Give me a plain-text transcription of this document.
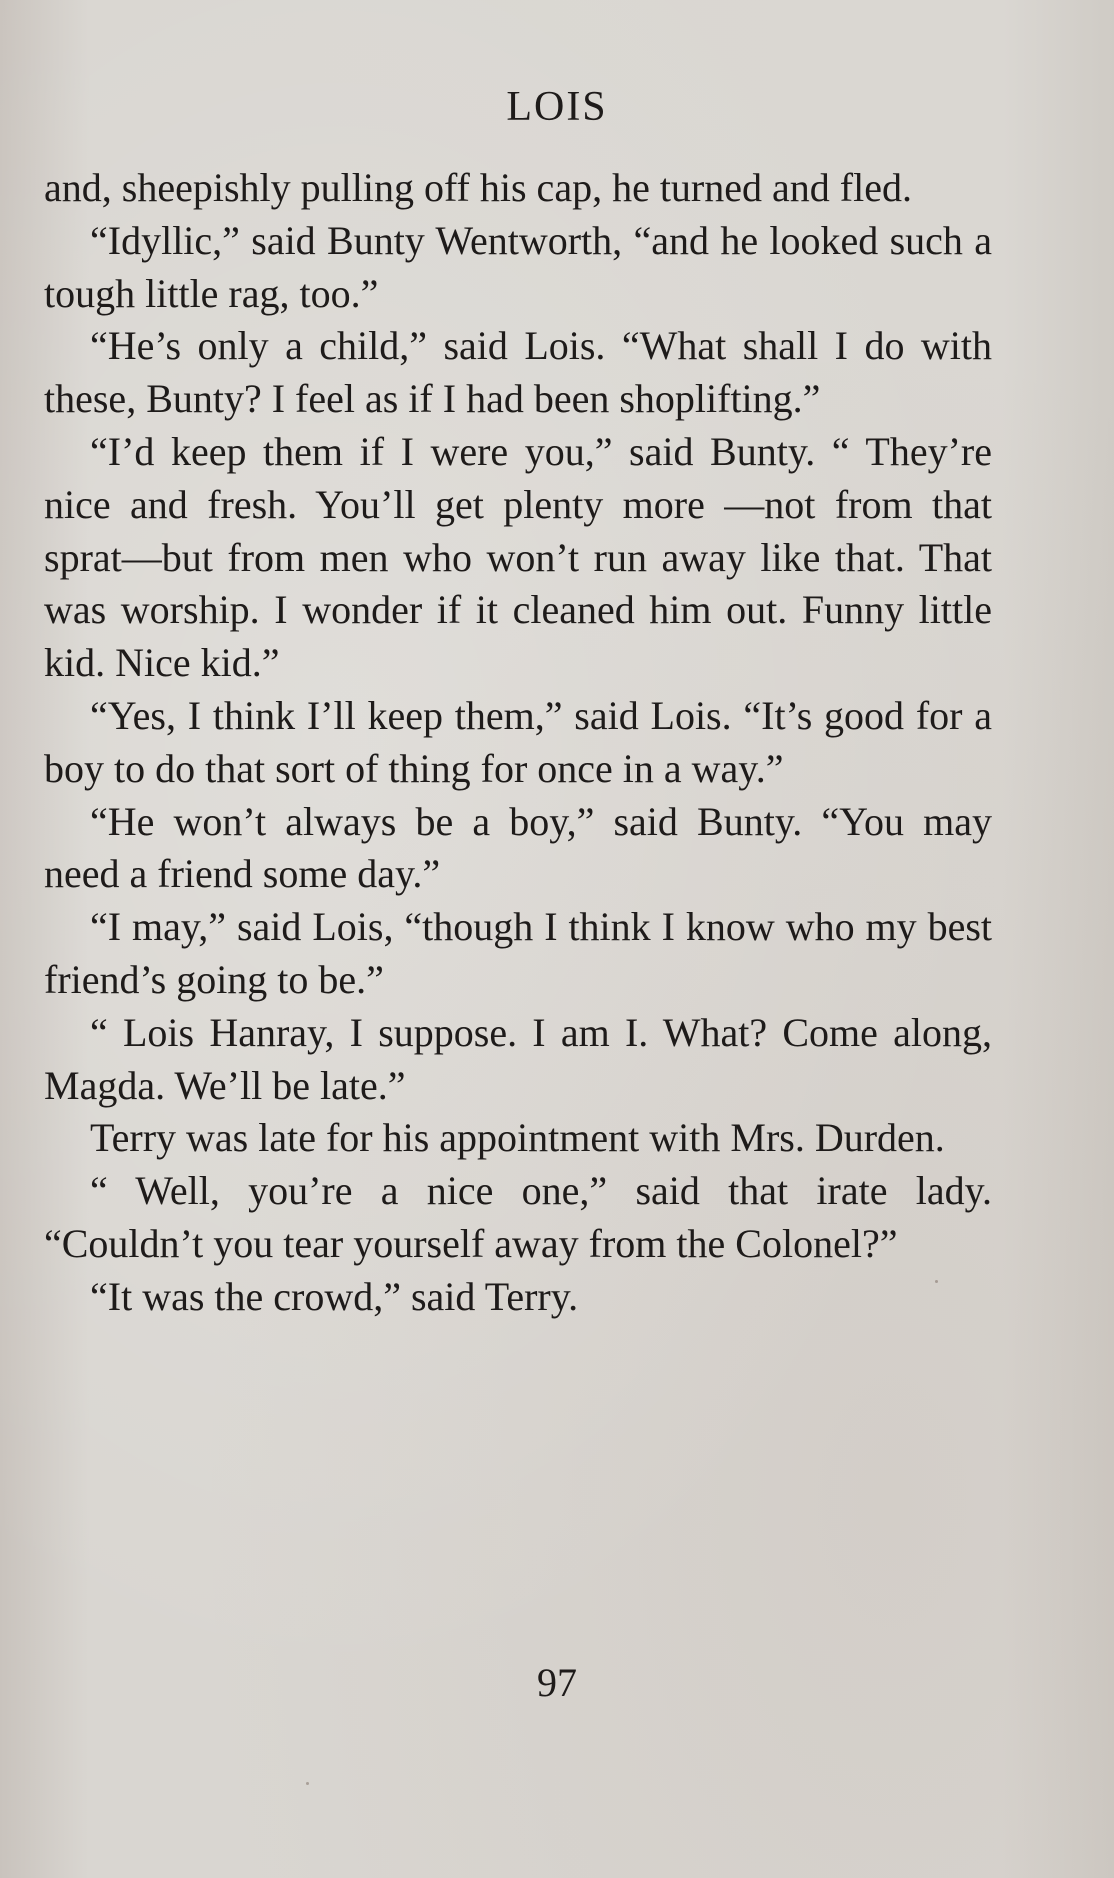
LOIS

and, sheepishly pulling off his cap, he turned and fled.

“Idyllic,” said Bunty Wentworth, “and he looked such a tough little rag, too.”

“He’s only a child,” said Lois. “What shall I do with these, Bunty? I feel as if I had been shoplifting.”

“I’d keep them if I were you,” said Bunty. “ They’re nice and fresh. You’ll get plenty more —not from that sprat—but from men who won’t run away like that. That was worship. I wonder if it cleaned him out. Funny little kid. Nice kid.”

“Yes, I think I’ll keep them,” said Lois. “It’s good for a boy to do that sort of thing for once in a way.”

“He won’t always be a boy,” said Bunty. “You may need a friend some day.”

“I may,” said Lois, “though I think I know who my best friend’s going to be.”

“ Lois Hanray, I suppose. I am I. What? Come along, Magda. We’ll be late.”

Terry was late for his appointment with Mrs. Durden.

“ Well, you’re a nice one,” said that irate lady. “Couldn’t you tear yourself away from the Colonel?”

“It was the crowd,” said Terry.

97
